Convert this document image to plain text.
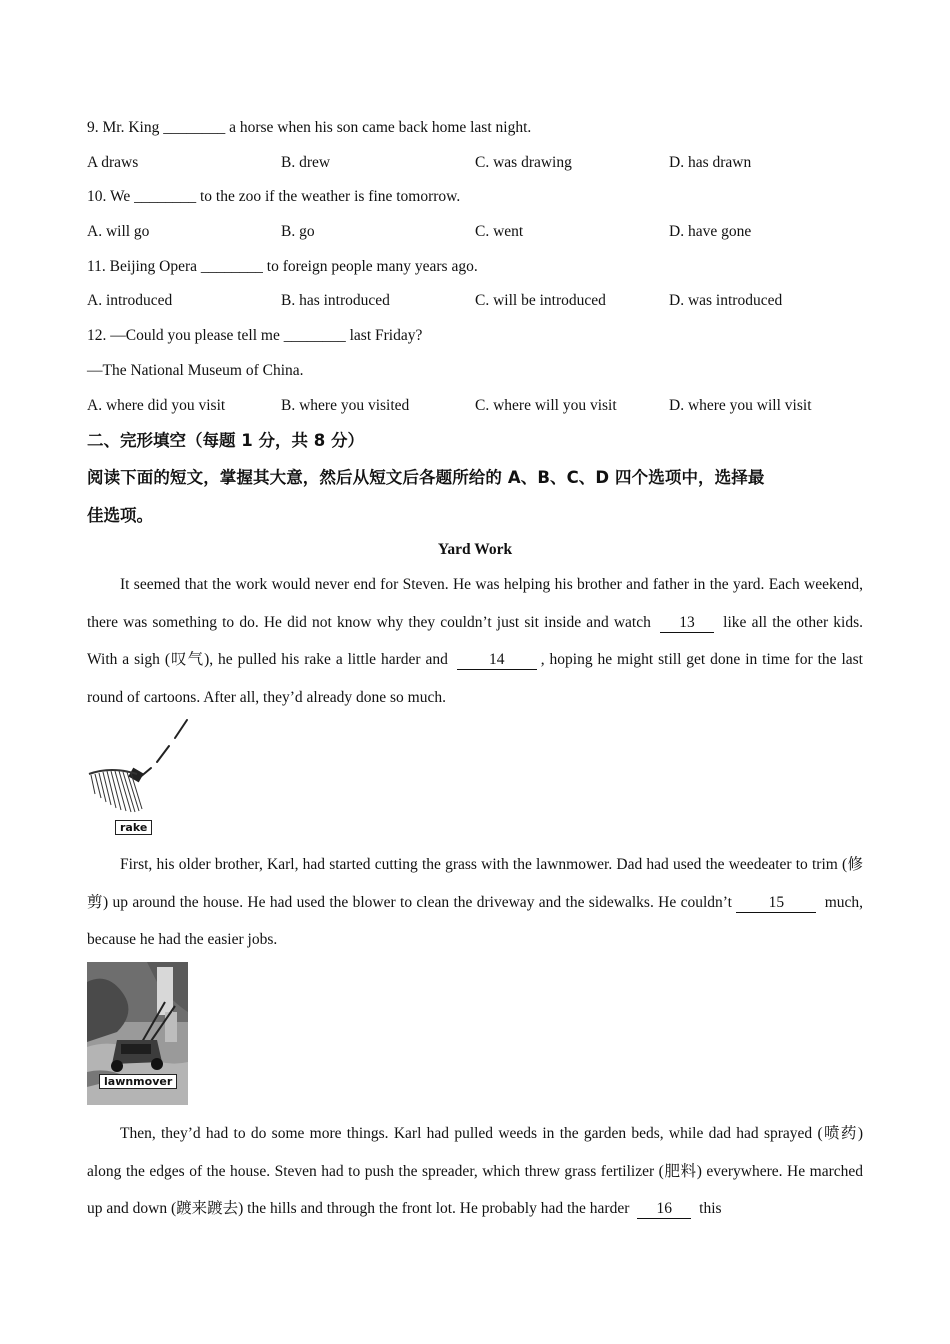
9. Mr. King ________ a horse when his son came back home last night.
A draws	B. drew	C. was drawing	D. has drawn
10. We ________ to the zoo if the weather is fine tomorrow.
A. will go	B. go	C. went	D. have gone
11. Beijing Opera ________ to foreign people many years ago.
A. introduced	B. has introduced	C. will be introduced	D. was introduced
12. —Could you please tell me ________ last Friday?
—The National Museum of China.
A. where did you visit	B. where you visited	C. where will you visit	D. where you will visit
二、完形填空（每题 1 分，共 8 分）
阅读下面的短文，掌握其大意，然后从短文后各题所给的 A、B、C、D 四个选项中，选择最
佳选项。
Yard Work
It seemed that the work would never end for Steven. He was helping his brother and father in the yard. Each weekend, there was something to do. He did not know why they couldn’t just sit inside and watch 13 like all the other kids. With a sigh (叹气), he pulled his rake a little harder and	14 , hoping he might still get done in time for the last round of cartoons. After all, they’d already done so much.
rake
First, his older brother, Karl, had started cutting the grass with the lawnmower. Dad had used the weedeater to trim (修剪) up around the house. He had used the blower to clean the driveway and the sidewalks. He couldn’t 15	much, because he had the easier jobs.
lawnmover
Then, they’d had to do some more things. Karl had pulled weeds in the garden beds, while dad had sprayed (喷药) along the edges of the house. Steven had to push the spreader, which threw grass fertilizer (肥料) everywhere. He marched up and down (踱来踱去) the hills and through the front lot. He probably had the harder 16 this
